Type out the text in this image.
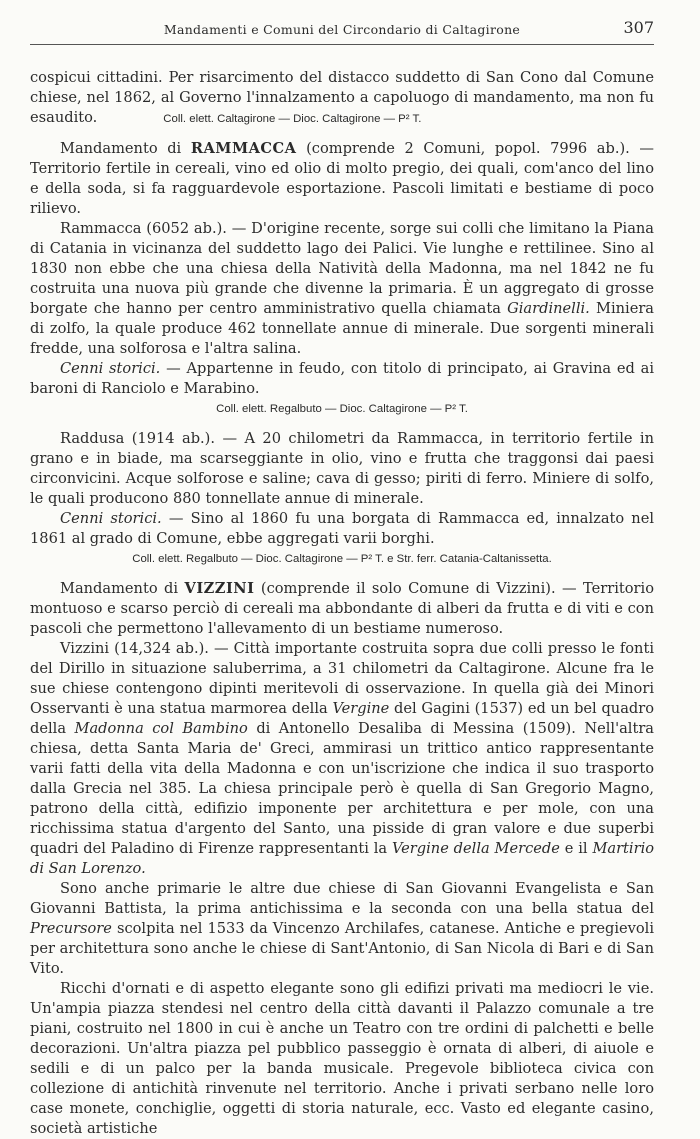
Mandamenti e Comuni del Circondario di Caltagirone	307

cospicui cittadini. Per risarcimento del distacco suddetto di San Cono dal Comune chiese, nel 1862, al Governo l'innalzamento a capoluogo di mandamento, ma non fu esaudito.	Coll. elett. Caltagirone — Dioc. Caltagirone — P² T.

Mandamento di RAMMACCA (comprende 2 Comuni, popol. 7996 ab.). — Territorio fertile in cereali, vino ed olio di molto pregio, dei quali, com'anco del lino e della soda, si fa ragguardevole esportazione. Pascoli limitati e bestiame di poco rilievo.

Rammacca (6052 ab.). — D'origine recente, sorge sui colli che limitano la Piana di Catania in vicinanza del suddetto lago dei Palici. Vie lunghe e rettilinee. Sino al 1830 non ebbe che una chiesa della Natività della Madonna, ma nel 1842 ne fu costruita una nuova più grande che divenne la primaria. È un aggregato di grosse borgate che hanno per centro amministrativo quella chiamata Giardinelli. Miniera di zolfo, la quale produce 462 tonnellate annue di minerale. Due sorgenti minerali fredde, una solforosa e l'altra salina.

Cenni storici. — Appartenne in feudo, con titolo di principato, ai Gravina ed ai baroni di Ranciolo e Marabino.

Coll. elett. Regalbuto — Dioc. Caltagirone — P² T.

Raddusa (1914 ab.). — A 20 chilometri da Rammacca, in territorio fertile in grano e in biade, ma scarseggiante in olio, vino e frutta che traggonsi dai paesi circonvicini. Acque solforose e saline; cava di gesso; piriti di ferro. Miniere di solfo, le quali producono 880 tonnellate annue di minerale.

Cenni storici. — Sino al 1860 fu una borgata di Rammacca ed, innalzato nel 1861 al grado di Comune, ebbe aggregati varii borghi.

Coll. elett. Regalbuto — Dioc. Caltagirone — P² T. e Str. ferr. Catania-Caltanissetta.

Mandamento di VIZZINI (comprende il solo Comune di Vizzini). — Territorio montuoso e scarso perciò di cereali ma abbondante di alberi da frutta e di viti e con pascoli che permettono l'allevamento di un bestiame numeroso.

Vizzini (14,324 ab.). — Città importante costruita sopra due colli presso le fonti del Dirillo in situazione saluberrima, a 31 chilometri da Caltagirone. Alcune fra le sue chiese contengono dipinti meritevoli di osservazione. In quella già dei Minori Osservanti è una statua marmorea della Vergine del Gagini (1537) ed un bel quadro della Madonna col Bambino di Antonello Desaliba di Messina (1509). Nell'altra chiesa, detta Santa Maria de' Greci, ammirasi un trittico antico rappresentante varii fatti della vita della Madonna e con un'iscrizione che indica il suo trasporto dalla Grecia nel 385. La chiesa principale però è quella di San Gregorio Magno, patrono della città, edifizio imponente per architettura e per mole, con una ricchissima statua d'argento del Santo, una pisside di gran valore e due superbi quadri del Paladino di Firenze rappresentanti la Vergine della Mercede e il Martirio di San Lorenzo.

Sono anche primarie le altre due chiese di San Giovanni Evangelista e San Giovanni Battista, la prima antichissima e la seconda con una bella statua del Precursore scolpita nel 1533 da Vincenzo Archilafes, catanese. Antiche e pregievoli per architettura sono anche le chiese di Sant'Antonio, di San Nicola di Bari e di San Vito.

Ricchi d'ornati e di aspetto elegante sono gli edifizi privati ma mediocri le vie. Un'ampia piazza stendesi nel centro della città davanti il Palazzo comunale a tre piani, costruito nel 1800 in cui è anche un Teatro con tre ordini di palchetti e belle decorazioni. Un'altra piazza pel pubblico passeggio è ornata di alberi, di aiuole e sedili e di un palco per la banda musicale. Pregevole biblioteca civica con collezione di antichità rinvenute nel territorio. Anche i privati serbano nelle loro case monete, conchiglie, oggetti di storia naturale, ecc. Vasto ed elegante casino, società artistiche
